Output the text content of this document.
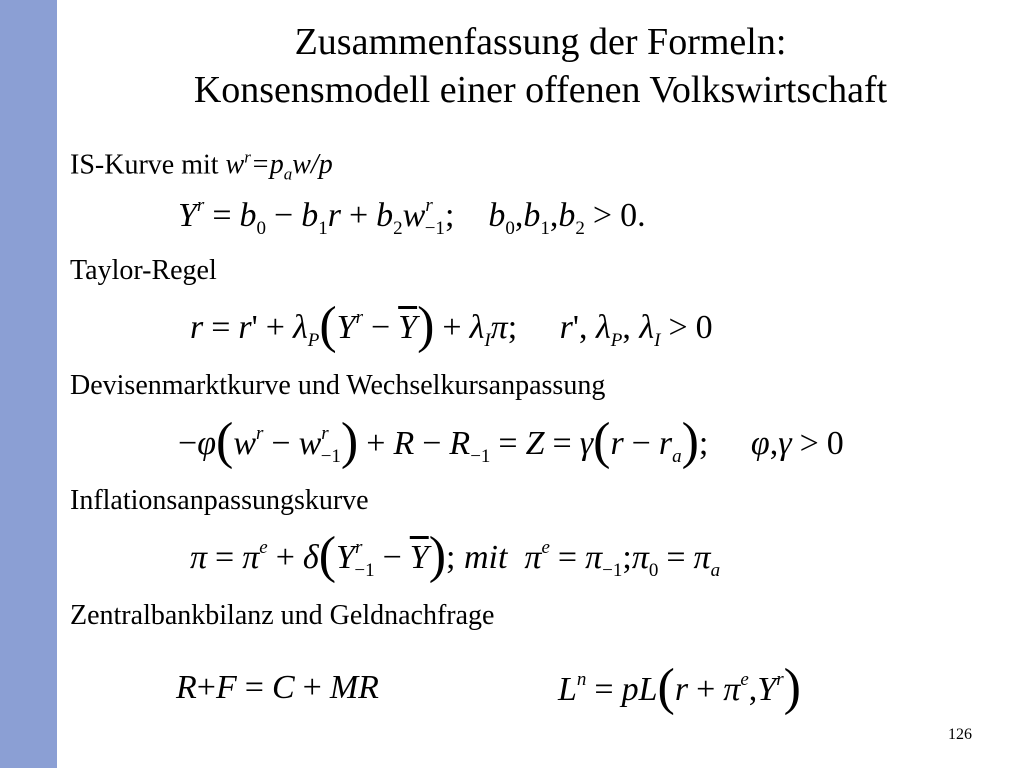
Zusammenfassung der Formeln:
Konsensmodell einer offenen Volkswirtschaft
IS-Kurve mit $w^r=p_aw/p$
$Y^r = b_0 - b_1r + b_2w^r_{-1}$;    $b_0,b_1,b_2 > 0$.
Taylor-Regel
$r = r' + \lambda_P(Y^r - \overline{Y}) + \lambda_I\pi$;     r', $\lambda_P$, $\lambda_I > 0$
Devisenmarktkurve und Wechselkursanpassung
$-\varphi(w^r - w^r_{-1}) + R - R_{-1} = Z = \gamma(r - r_a)$;     φ,γ > 0
Inflationsanpassungskurve
$\pi = \pi^e + \delta(Y^r_{-1} - \overline{Y})$; mit  $\pi^e$ = $\pi_{-1};\pi_0 = \pi_a$
Zentralbankbilanz und Geldnachfrage
R+F = C + MR	$L^n = pL(r + \pi^e,Y^r)$
126
